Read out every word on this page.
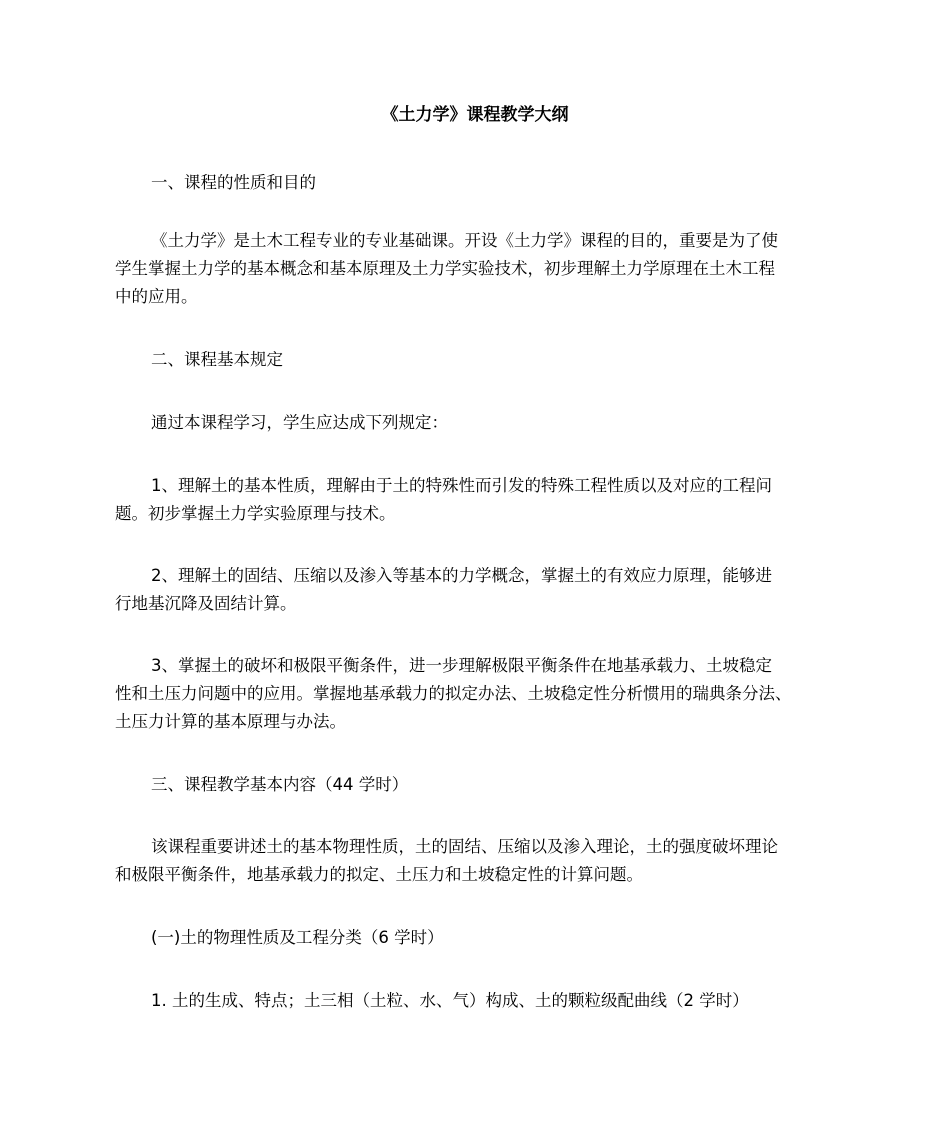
《土力学》课程教学大纲

一、课程的性质和目的

《土力学》是土木工程专业的专业基础课。开设《土力学》课程的目的，重要是为了使
学生掌握土力学的基本概念和基本原理及土力学实验技术，初步理解土力学原理在土木工程
中的应用。

二、课程基本规定

通过本课程学习，学生应达成下列规定：

1、理解土的基本性质，理解由于土的特殊性而引发的特殊工程性质以及对应的工程问
题。初步掌握土力学实验原理与技术。

2、理解土的固结、压缩以及渗入等基本的力学概念，掌握土的有效应力原理，能够进
行地基沉降及固结计算。

3、掌握土的破坏和极限平衡条件，进一步理解极限平衡条件在地基承载力、土坡稳定
性和土压力问题中的应用。掌握地基承载力的拟定办法、土坡稳定性分析惯用的瑞典条分法、
土压力计算的基本原理与办法。

三、课程教学基本内容（44 学时）

该课程重要讲述土的基本物理性质，土的固结、压缩以及渗入理论，土的强度破坏理论
和极限平衡条件，地基承载力的拟定、土压力和土坡稳定性的计算问题。

(一)土的物理性质及工程分类（6 学时）

1. 土的生成、特点；土三相（土粒、水、气）构成、土的颗粒级配曲线（2 学时）
